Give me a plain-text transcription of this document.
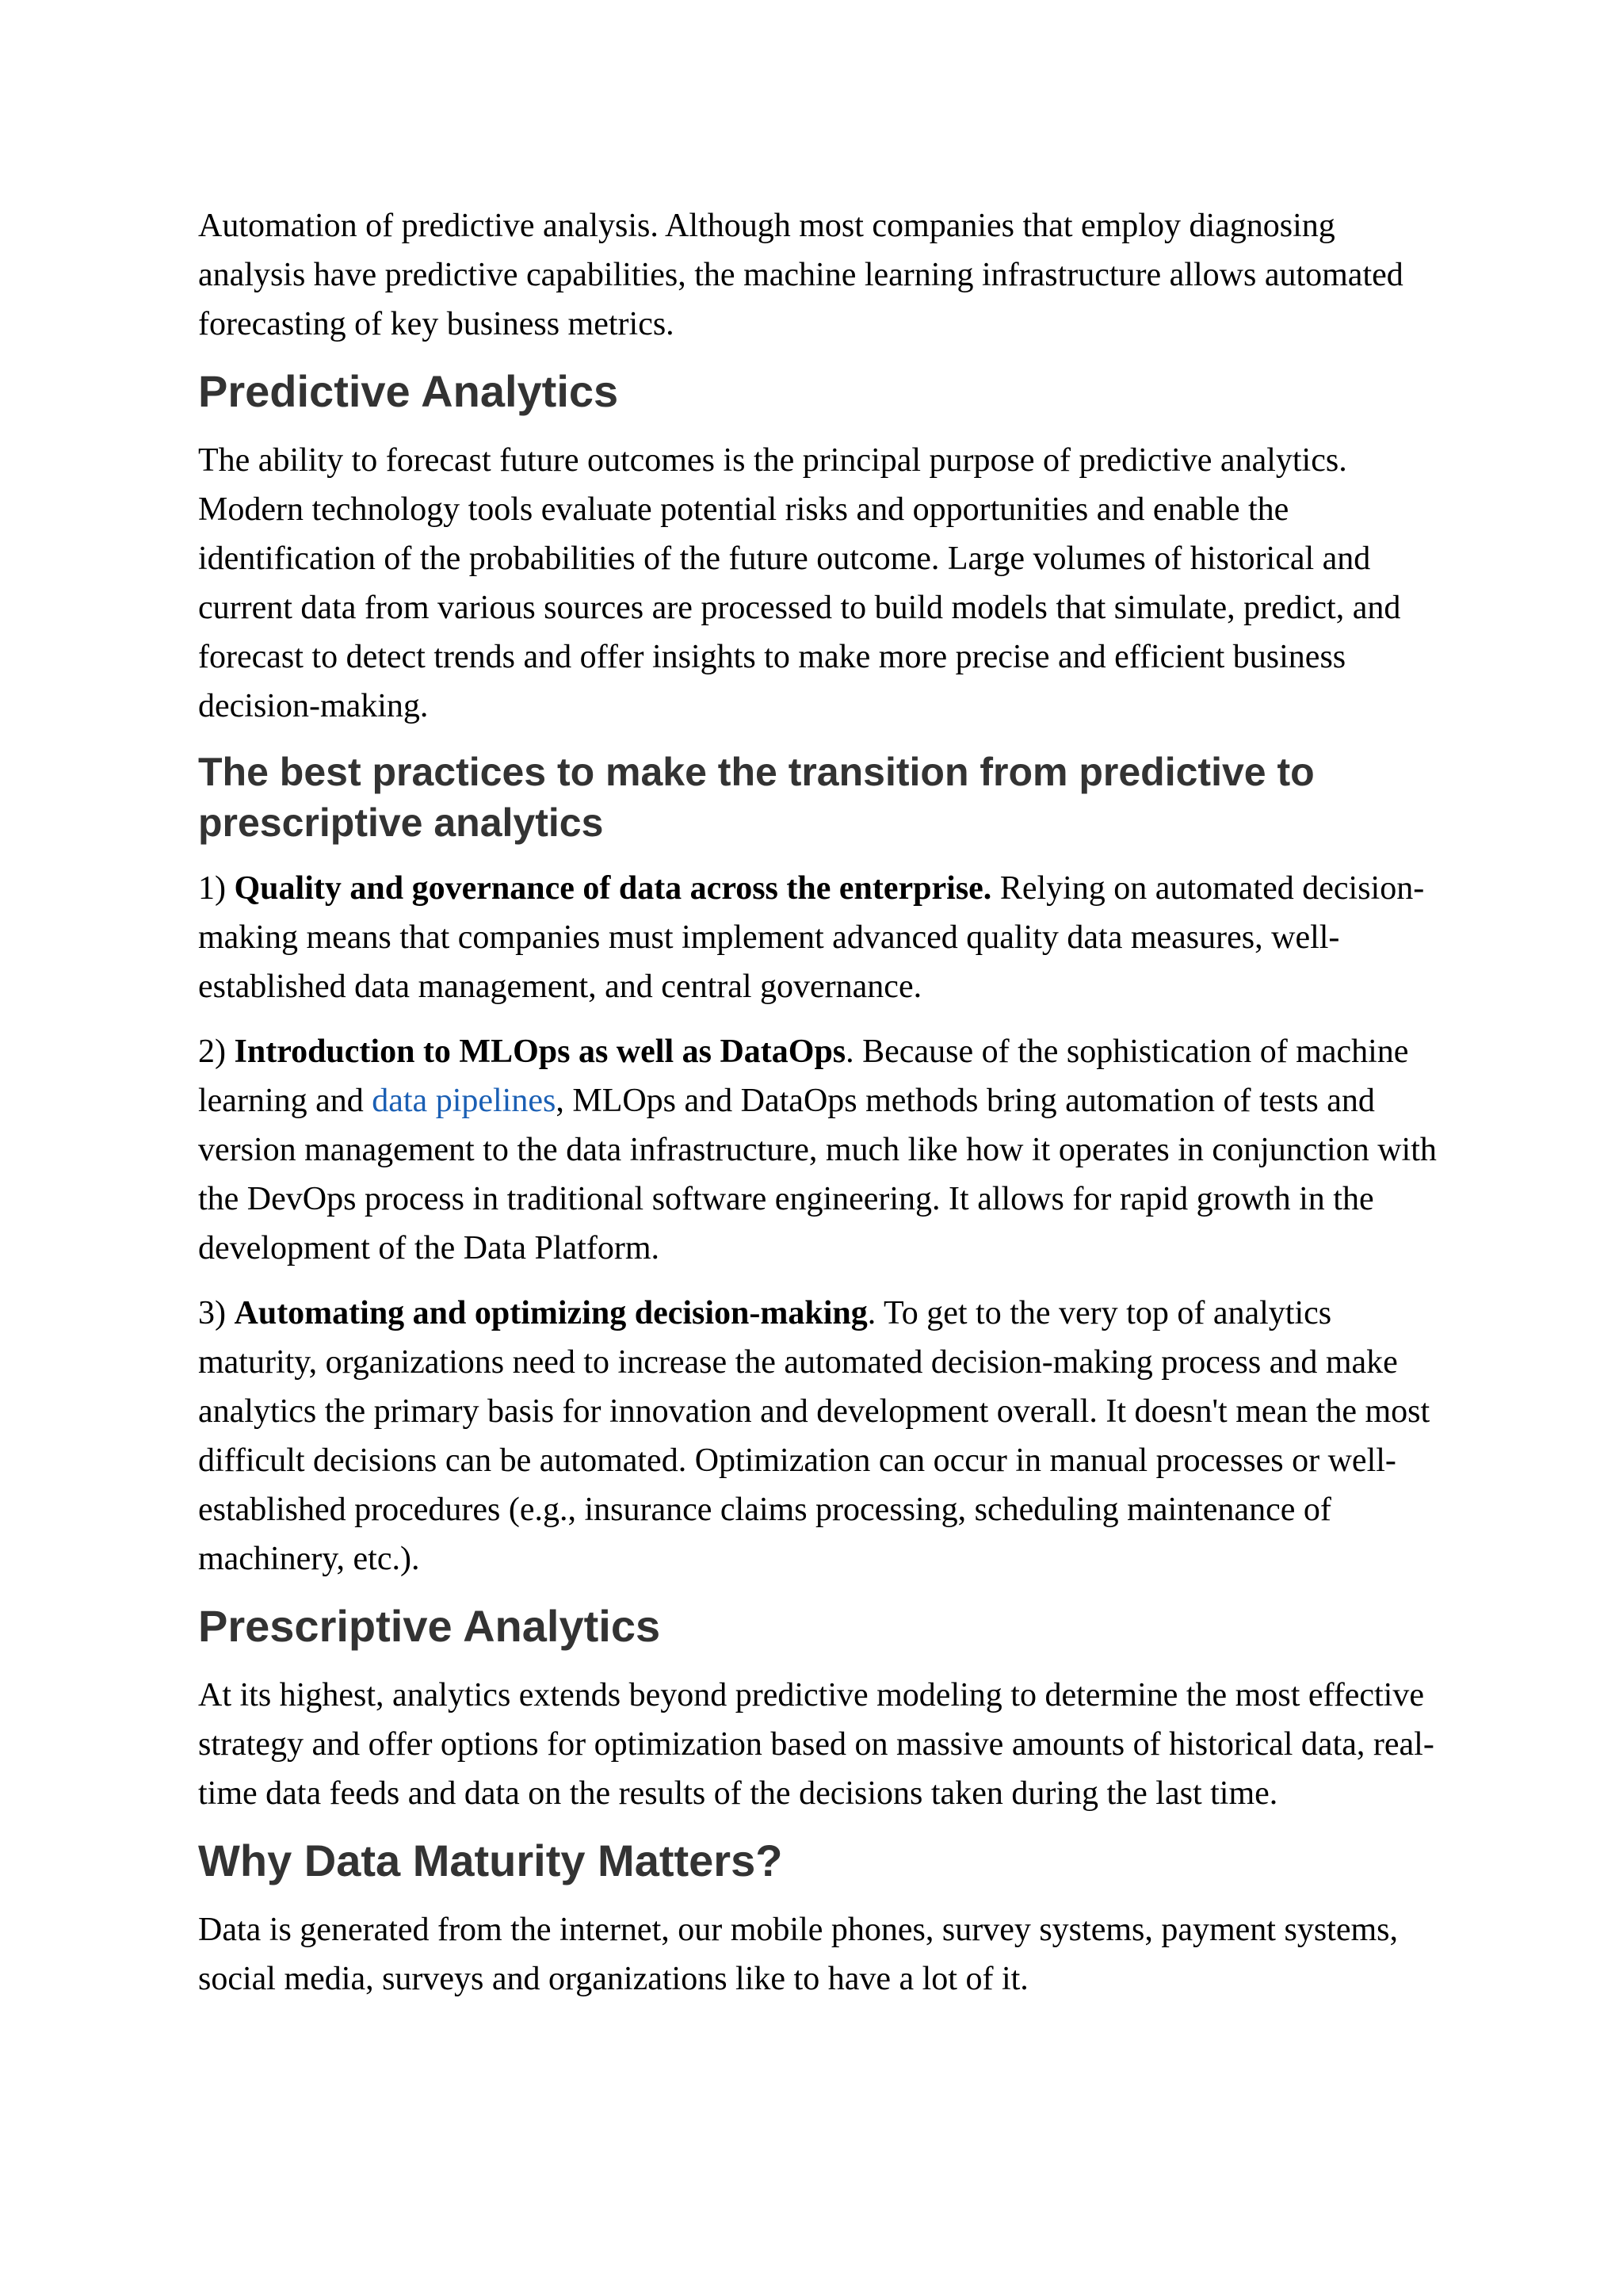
Automation of predictive analysis. Although most companies that employ diagnosing analysis have predictive capabilities, the machine learning infrastructure allows automated forecasting of key business metrics.

Predictive Analytics

The ability to forecast future outcomes is the principal purpose of predictive analytics. Modern technology tools evaluate potential risks and opportunities and enable the identification of the probabilities of the future outcome. Large volumes of historical and current data from various sources are processed to build models that simulate, predict, and forecast to detect trends and offer insights to make more precise and efficient business decision-making.

The best practices to make the transition from predictive to prescriptive analytics

1) Quality and governance of data across the enterprise. Relying on automated decision-making means that companies must implement advanced quality data measures, well-established data management, and central governance.

2) Introduction to MLOps as well as DataOps. Because of the sophistication of machine learning and data pipelines, MLOps and DataOps methods bring automation of tests and version management to the data infrastructure, much like how it operates in conjunction with the DevOps process in traditional software engineering. It allows for rapid growth in the development of the Data Platform.

3) Automating and optimizing decision-making. To get to the very top of analytics maturity, organizations need to increase the automated decision-making process and make analytics the primary basis for innovation and development overall. It doesn't mean the most difficult decisions can be automated. Optimization can occur in manual processes or well-established procedures (e.g., insurance claims processing, scheduling maintenance of machinery, etc.).

Prescriptive Analytics

At its highest, analytics extends beyond predictive modeling to determine the most effective strategy and offer options for optimization based on massive amounts of historical data, real-time data feeds and data on the results of the decisions taken during the last time.

Why Data Maturity Matters?

Data is generated from the internet, our mobile phones, survey systems, payment systems, social media, surveys and organizations like to have a lot of it.
